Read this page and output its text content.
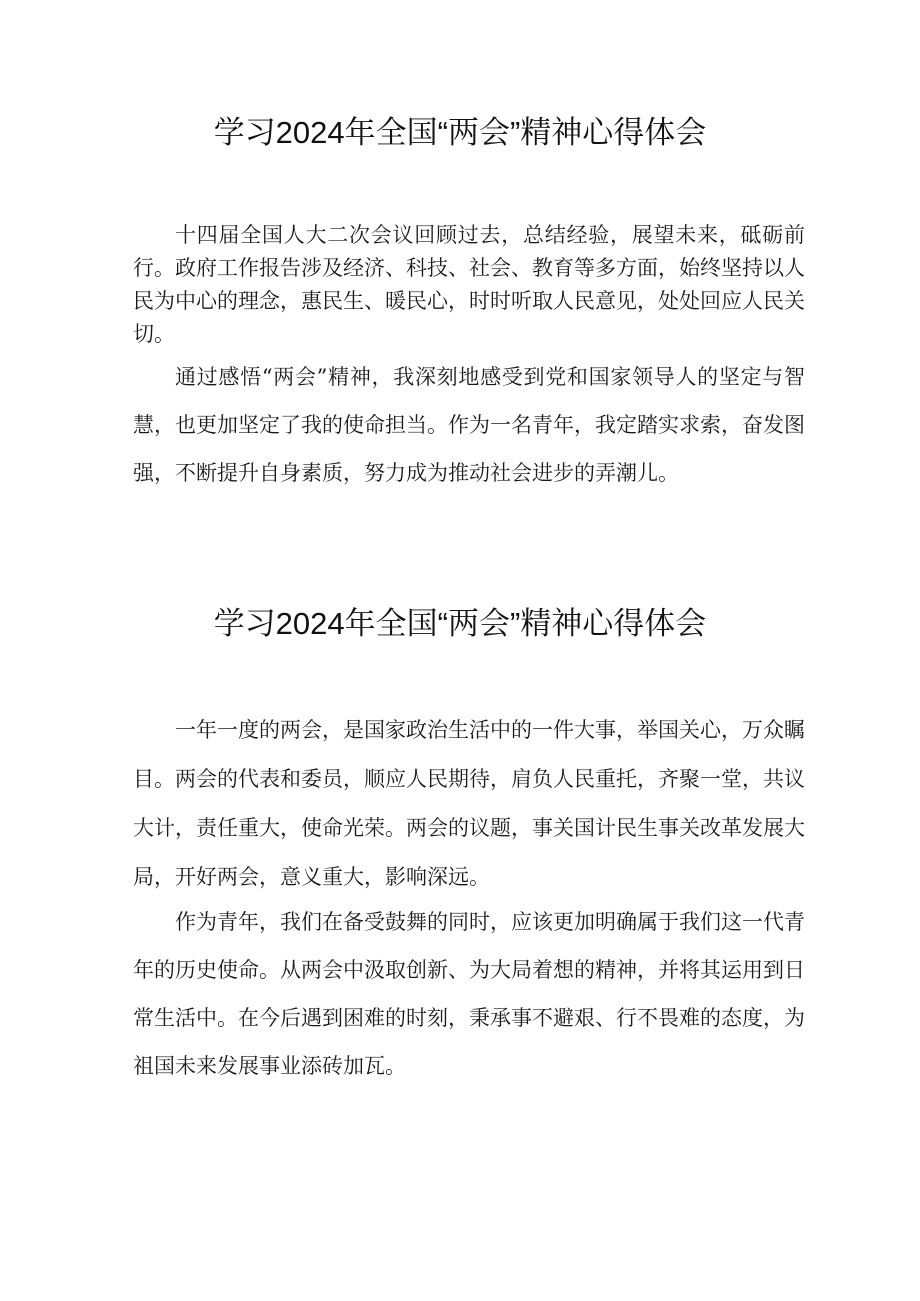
学习2024年全国“两会”精神心得体会

十四届全国人大二次会议回顾过去，总结经验，展望未来，砥砺前行。政府工作报告涉及经济、科技、社会、教育等多方面，始终坚持以人民为中心的理念，惠民生、暖民心，时时听取人民意见，处处回应人民关切。

通过感悟“两会”精神，我深刻地感受到党和国家领导人的坚定与智慧，也更加坚定了我的使命担当。作为一名青年，我定踏实求索，奋发图强，不断提升自身素质，努力成为推动社会进步的弄潮儿。

学习2024年全国“两会”精神心得体会

一年一度的两会，是国家政治生活中的一件大事，举国关心，万众瞩目。两会的代表和委员，顺应人民期待，肩负人民重托，齐聚一堂，共议大计，责任重大，使命光荣。两会的议题，事关国计民生事关改革发展大局，开好两会，意义重大，影响深远。

作为青年，我们在备受鼓舞的同时，应该更加明确属于我们这一代青年的历史使命。从两会中汲取创新、为大局着想的精神，并将其运用到日常生活中。在今后遇到困难的时刻，秉承事不避艰、行不畏难的态度，为祖国未来发展事业添砖加瓦。
